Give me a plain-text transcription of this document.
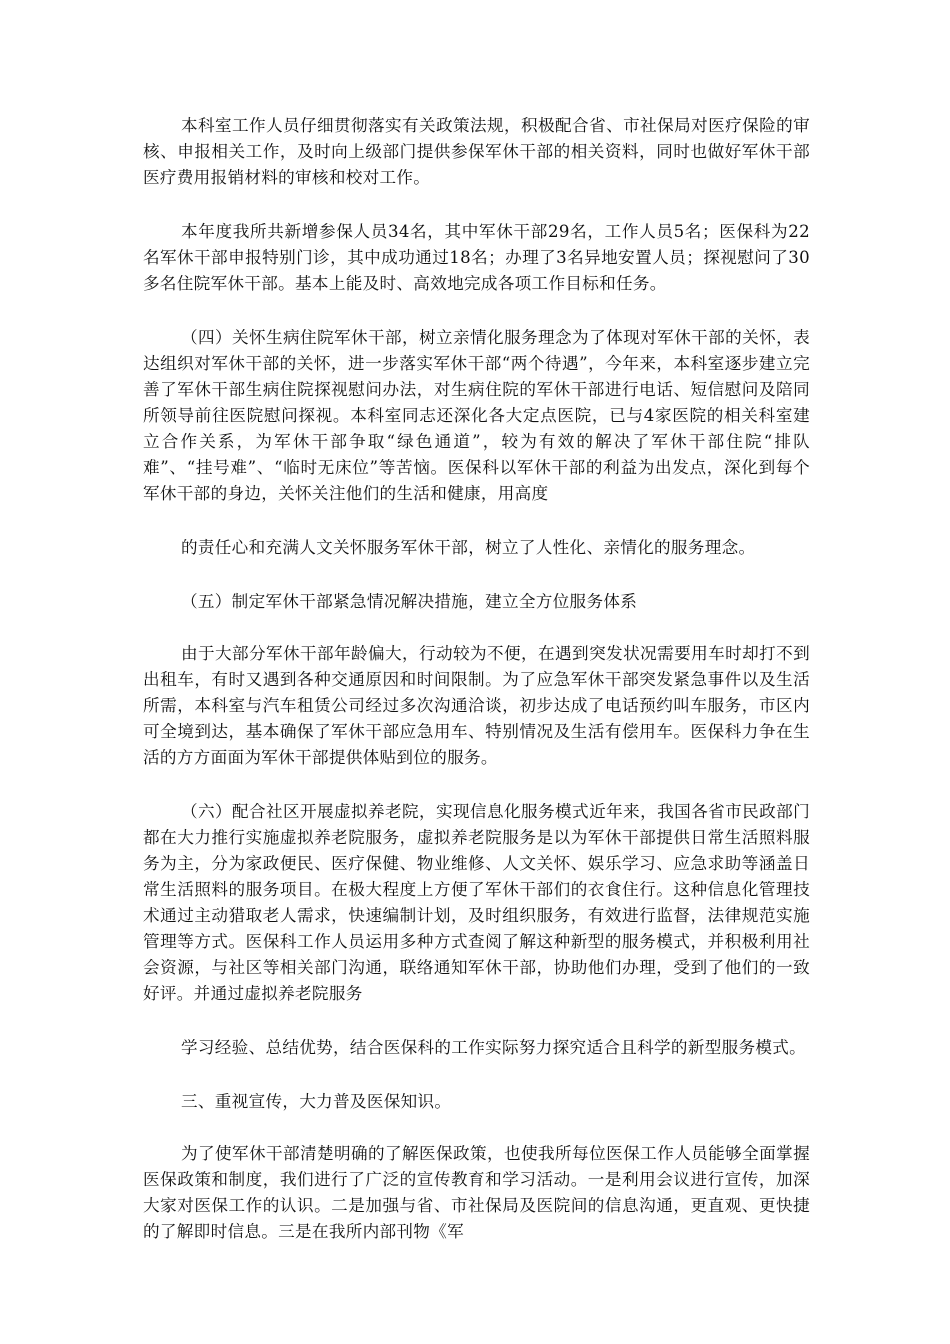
本科室工作人员仔细贯彻落实有关政策法规，积极配合省、市社保局对医疗保险的审核、申报相关工作，及时向上级部门提供参保军休干部的相关资料，同时也做好军休干部医疗费用报销材料的审核和校对工作。

本年度我所共新增参保人员34名，其中军休干部29名，工作人员5名；医保科为22名军休干部申报特别门诊，其中成功通过18名；办理了3名异地安置人员；探视慰问了30多名住院军休干部。基本上能及时、高效地完成各项工作目标和任务。

（四）关怀生病住院军休干部，树立亲情化服务理念为了体现对军休干部的关怀，表达组织对军休干部的关怀，进一步落实军休干部“两个待遇”，今年来，本科室逐步建立完善了军休干部生病住院探视慰问办法，对生病住院的军休干部进行电话、短信慰问及陪同所领导前往医院慰问探视。本科室同志还深化各大定点医院，已与4家医院的相关科室建立合作关系，为军休干部争取“绿色通道”，较为有效的解决了军休干部住院“排队难”、“挂号难”、“临时无床位”等苦恼。医保科以军休干部的利益为出发点，深化到每个军休干部的身边，关怀关注他们的生活和健康，用高度

的责任心和充满人文关怀服务军休干部，树立了人性化、亲情化的服务理念。

（五）制定军休干部紧急情况解决措施，建立全方位服务体系

由于大部分军休干部年龄偏大，行动较为不便，在遇到突发状况需要用车时却打不到出租车，有时又遇到各种交通原因和时间限制。为了应急军休干部突发紧急事件以及生活所需，本科室与汽车租赁公司经过多次沟通洽谈，初步达成了电话预约叫车服务，市区内可全境到达，基本确保了军休干部应急用车、特别情况及生活有偿用车。医保科力争在生活的方方面面为军休干部提供体贴到位的服务。

（六）配合社区开展虚拟养老院，实现信息化服务模式近年来，我国各省市民政部门都在大力推行实施虚拟养老院服务，虚拟养老院服务是以为军休干部提供日常生活照料服务为主，分为家政便民、医疗保健、物业维修、人文关怀、娱乐学习、应急求助等涵盖日常生活照料的服务项目。在极大程度上方便了军休干部们的衣食住行。这种信息化管理技术通过主动猎取老人需求，快速编制计划，及时组织服务，有效进行监督，法律规范实施管理等方式。医保科工作人员运用多种方式查阅了解这种新型的服务模式，并积极利用社会资源，与社区等相关部门沟通，联络通知军休干部，协助他们办理，受到了他们的一致好评。并通过虚拟养老院服务

学习经验、总结优势，结合医保科的工作实际努力探究适合且科学的新型服务模式。

三、重视宣传，大力普及医保知识。

为了使军休干部清楚明确的了解医保政策，也使我所每位医保工作人员能够全面掌握医保政策和制度，我们进行了广泛的宣传教育和学习活动。一是利用会议进行宣传，加深大家对医保工作的认识。二是加强与省、市社保局及医院间的信息沟通，更直观、更快捷的了解即时信息。三是在我所内部刊物《军
